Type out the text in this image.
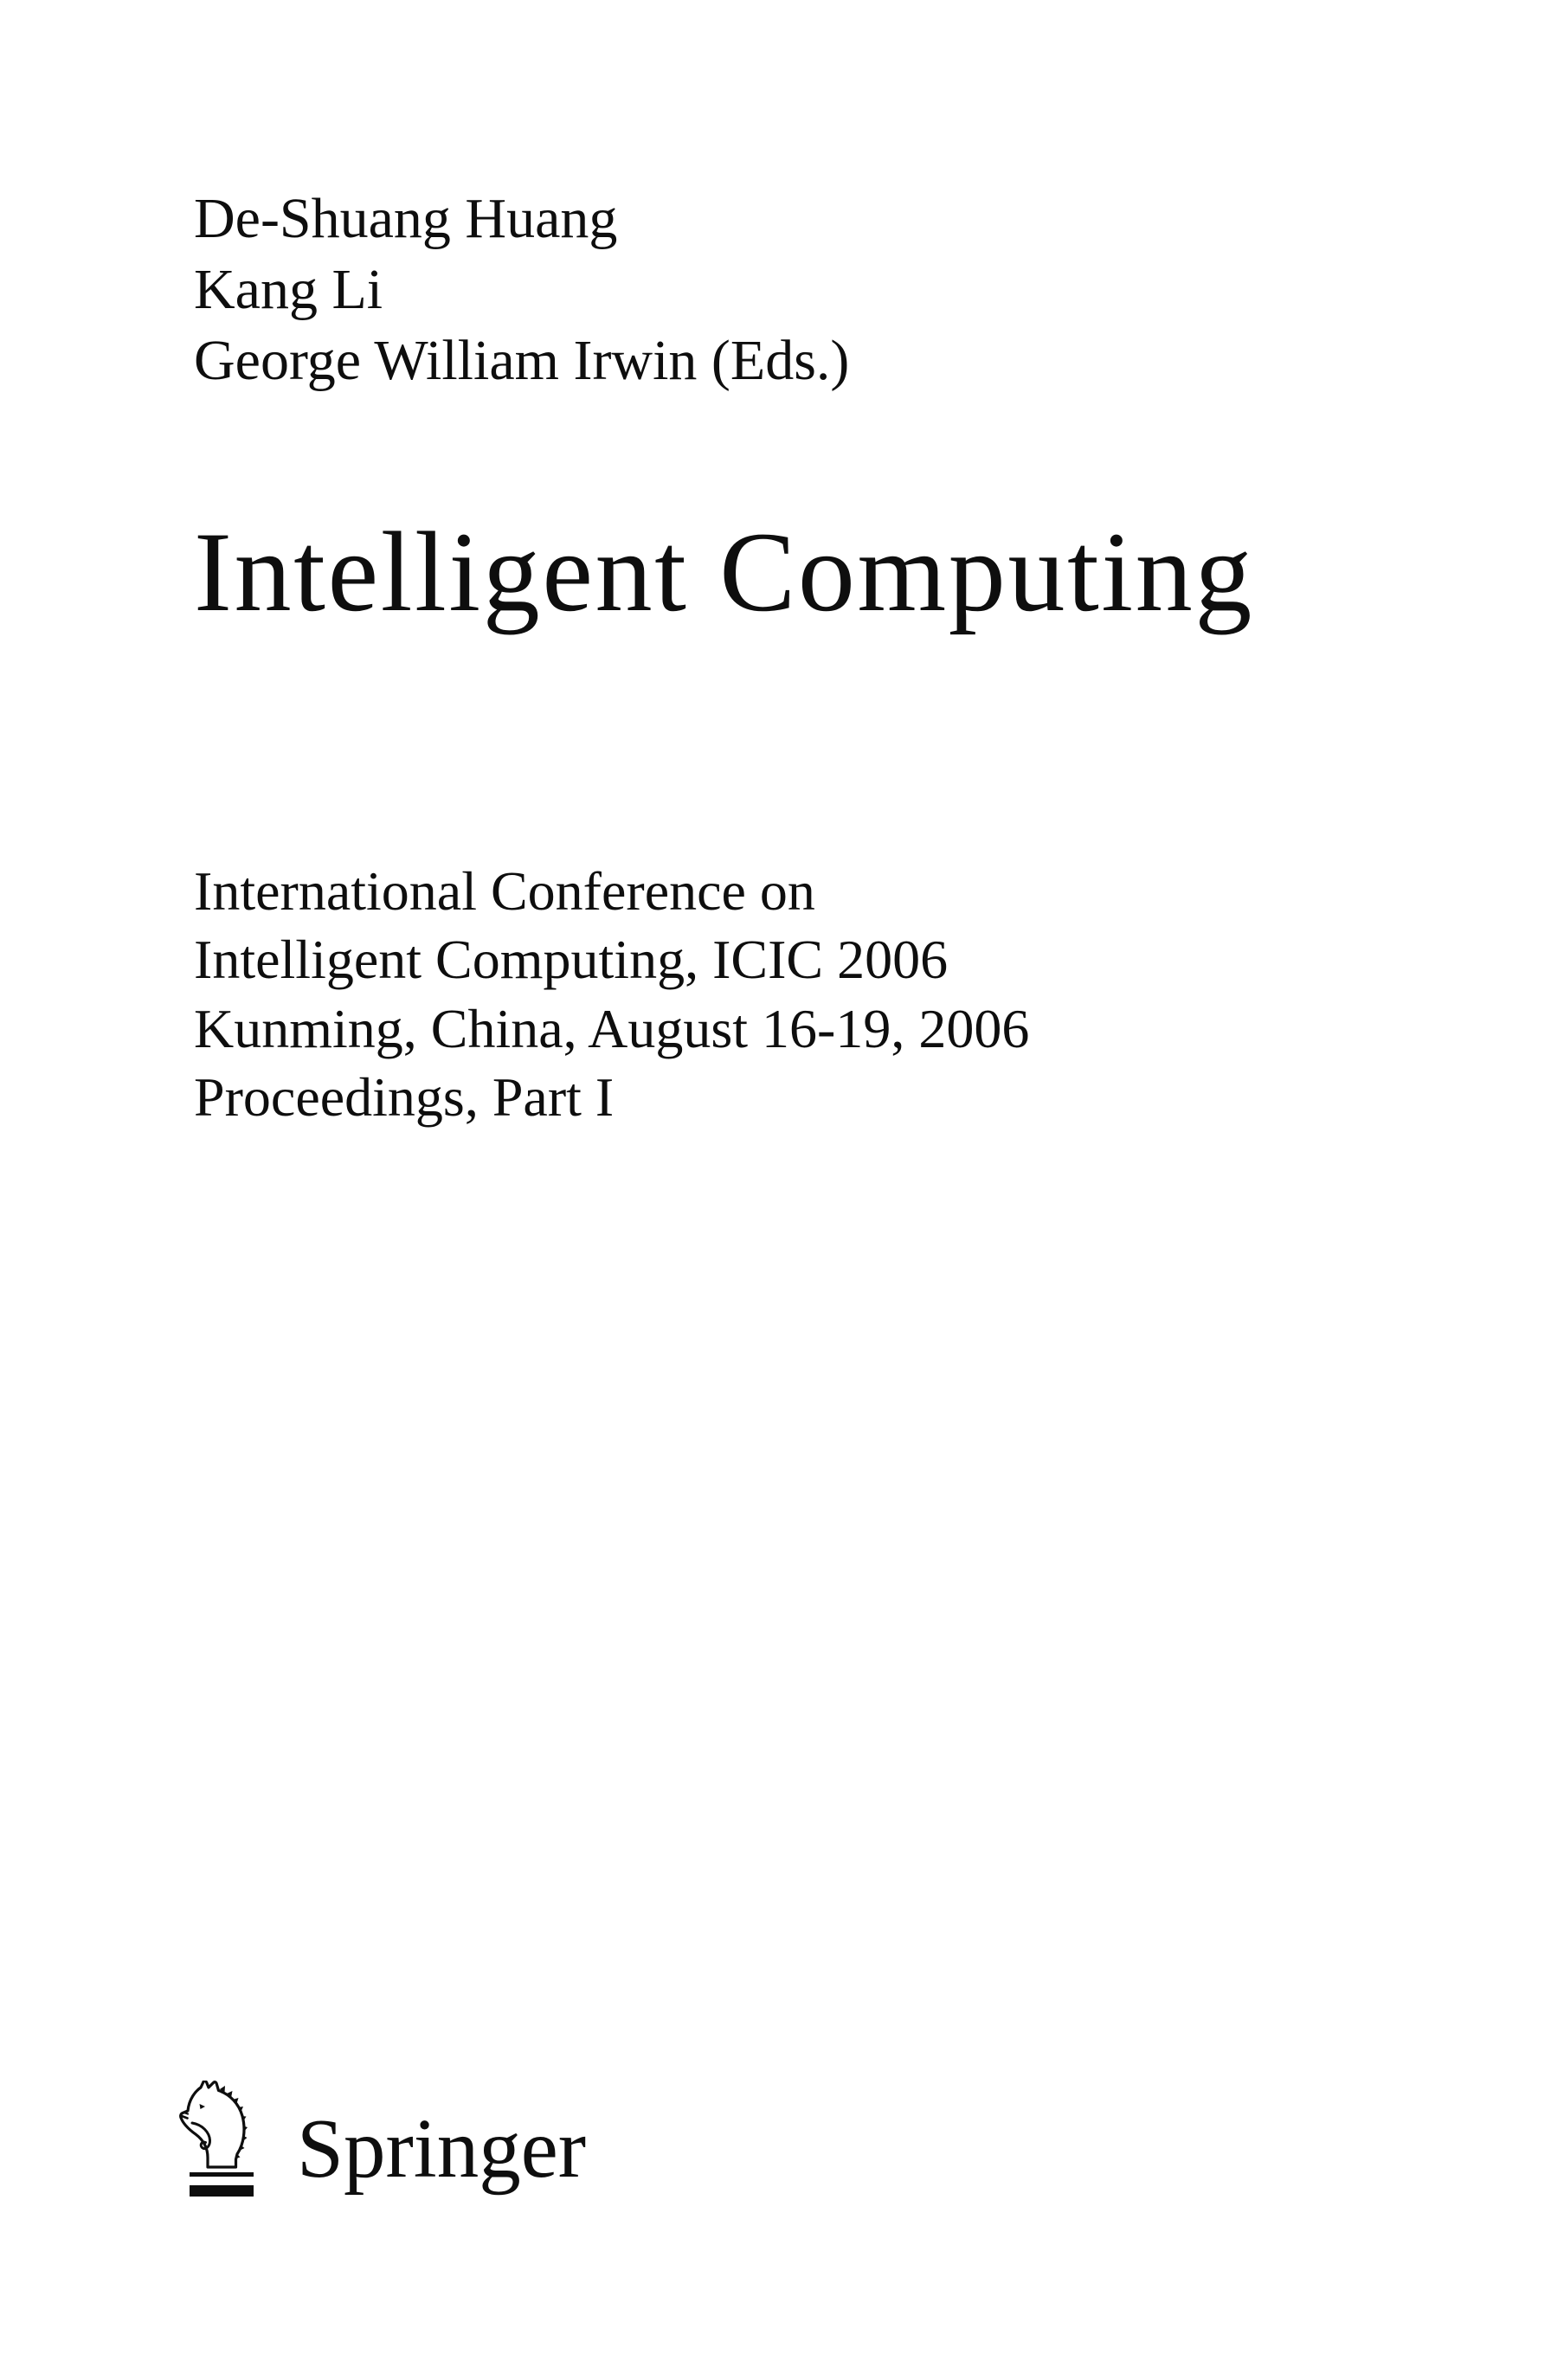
De-Shuang Huang
Kang Li
George William Irwin (Eds.)
Intelligent Computing
International Conference on
Intelligent Computing, ICIC 2006
Kunming, China, August 16-19, 2006
Proceedings, Part I
Springer
